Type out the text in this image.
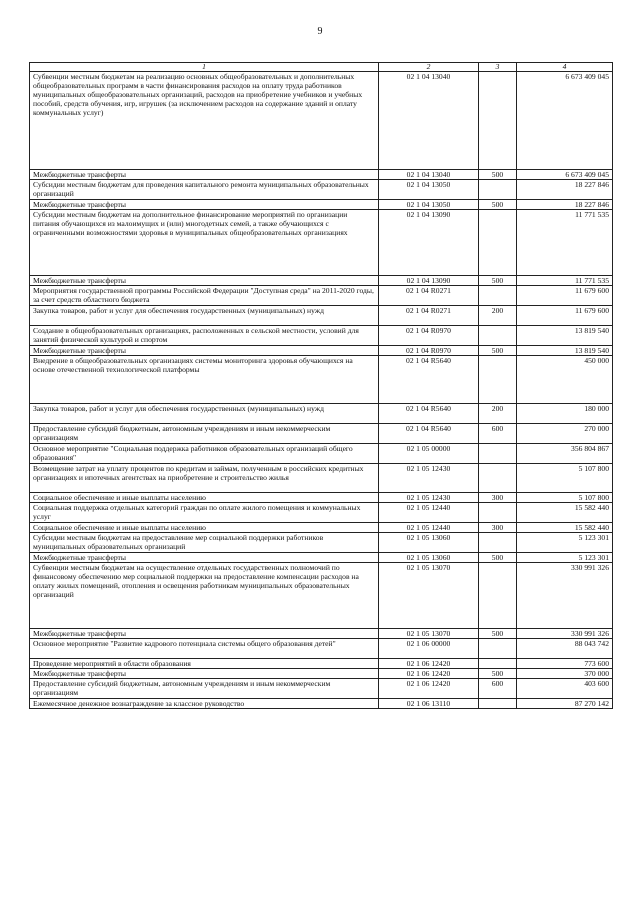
9
1	2	3	4
Субвенции местным бюджетам на реализацию основных общеобразовательных и дополнительных общеобразовательных программ в части финансирования расходов на оплату труда работников муниципальных общеобразовательных организаций, расходов на приобретение учебников и учебных пособий, средств обучения, игр, игрушек (за исключением расходов на содержание зданий и оплату коммунальных услуг)	02 1 04 13040		6 673 409 045
Межбюджетные трансферты	02 1 04 13040	500	6 673 409 045
Субсидии местным бюджетам для проведения капитального ремонта муниципальных образовательных организаций	02 1 04 13050		18 227 846
Межбюджетные трансферты	02 1 04 13050	500	18 227 846
Субсидии местным бюджетам на дополнительное финансирование мероприятий по организации питания обучающихся из малоимущих и (или) многодетных семей, а также обучающихся с ограниченными возможностями здоровья в муниципальных общеобразовательных организациях	02 1 04 13090		11 771 535
Межбюджетные трансферты	02 1 04 13090	500	11 771 535
Мероприятия государственной программы Российской Федерации "Доступная среда" на 2011-2020 годы, за счет средств областного бюджета	02 1 04 R0271		11 679 600
Закупка товаров, работ и услуг для обеспечения государственных (муниципальных) нужд	02 1 04 R0271	200	11 679 600
Создание в общеобразовательных организациях, расположенных в сельской местности, условий для занятий физической культурой и спортом	02 1 04 R0970		13 819 540
Межбюджетные трансферты	02 1 04 R0970	500	13 819 540
Внедрение в общеобразовательных организациях системы мониторинга здоровья обучающихся на основе отечественной технологической платформы	02 1 04 R5640		450 000
Закупка товаров, работ и услуг для обеспечения государственных (муниципальных) нужд	02 1 04 R5640	200	180 000
Предоставление субсидий бюджетным, автономным учреждениям и иным некоммерческим организациям	02 1 04 R5640	600	270 000
Основное мероприятие "Социальная поддержка работников образовательных организаций общего образования"	02 1 05 00000		356 804 867
Возмещение затрат на уплату процентов по кредитам и займам, полученным в российских кредитных организациях и ипотечных агентствах на приобретение и строительство жилья	02 1 05 12430		5 107 800
Социальное обеспечение и иные выплаты населению	02 1 05 12430	300	5 107 800
Социальная поддержка отдельных категорий граждан по оплате жилого помещения и коммунальных услуг	02 1 05 12440		15 582 440
Социальное обеспечение и иные выплаты населению	02 1 05 12440	300	15 582 440
Субсидии местным бюджетам на предоставление мер социальной поддержки работников муниципальных образовательных организаций	02 1 05 13060		5 123 301
Межбюджетные трансферты	02 1 05 13060	500	5 123 301
Субвенции местным бюджетам на осуществление отдельных государственных полномочий по финансовому обеспечению мер социальной поддержки на предоставление компенсации расходов на оплату жилых помещений, отопления и освещения работникам муниципальных образовательных организаций	02 1 05 13070		330 991 326
Межбюджетные трансферты	02 1 05 13070	500	330 991 326
Основное мероприятие "Развитие кадрового потенциала системы общего образования детей"	02 1 06 00000		88 043 742
Проведение мероприятий в области образования	02 1 06 12420		773 600
Межбюджетные трансферты	02 1 06 12420	500	370 000
Предоставление субсидий бюджетным, автономным учреждениям и иным некоммерческим организациям	02 1 06 12420	600	403 600
Ежемесячное денежное вознаграждение за классное руководство	02 1 06 13110		87 270 142
